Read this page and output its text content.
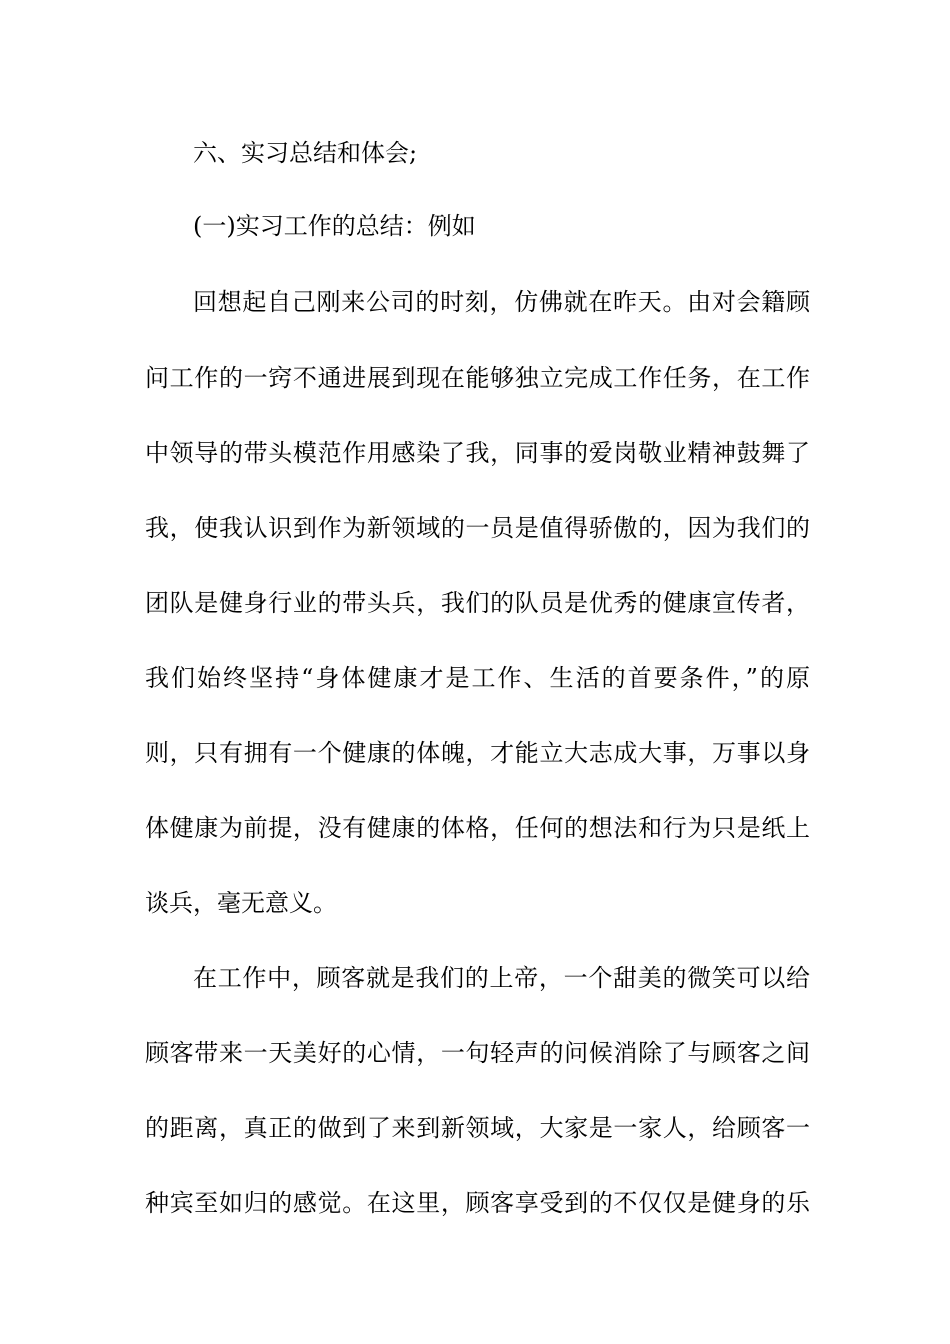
六、实习总结和体会;
(一)实习工作的总结：例如
回想起自己刚来公司的时刻，仿佛就在昨天。由对会籍顾
问工作的一窍不通进展到现在能够独立完成工作任务，在工作
中领导的带头模范作用感染了我，同事的爱岗敬业精神鼓舞了
我，使我认识到作为新领域的一员是值得骄傲的，因为我们的
团队是健身行业的带头兵，我们的队员是优秀的健康宣传者，
我们始终坚持“身体健康才是工作、生活的首要条件，”的原
则，只有拥有一个健康的体魄，才能立大志成大事，万事以身
体健康为前提，没有健康的体格，任何的想法和行为只是纸上
谈兵，毫无意义。
在工作中，顾客就是我们的上帝，一个甜美的微笑可以给
顾客带来一天美好的心情，一句轻声的问候消除了与顾客之间
的距离，真正的做到了来到新领域，大家是一家人，给顾客一
种宾至如归的感觉。在这里，顾客享受到的不仅仅是健身的乐
